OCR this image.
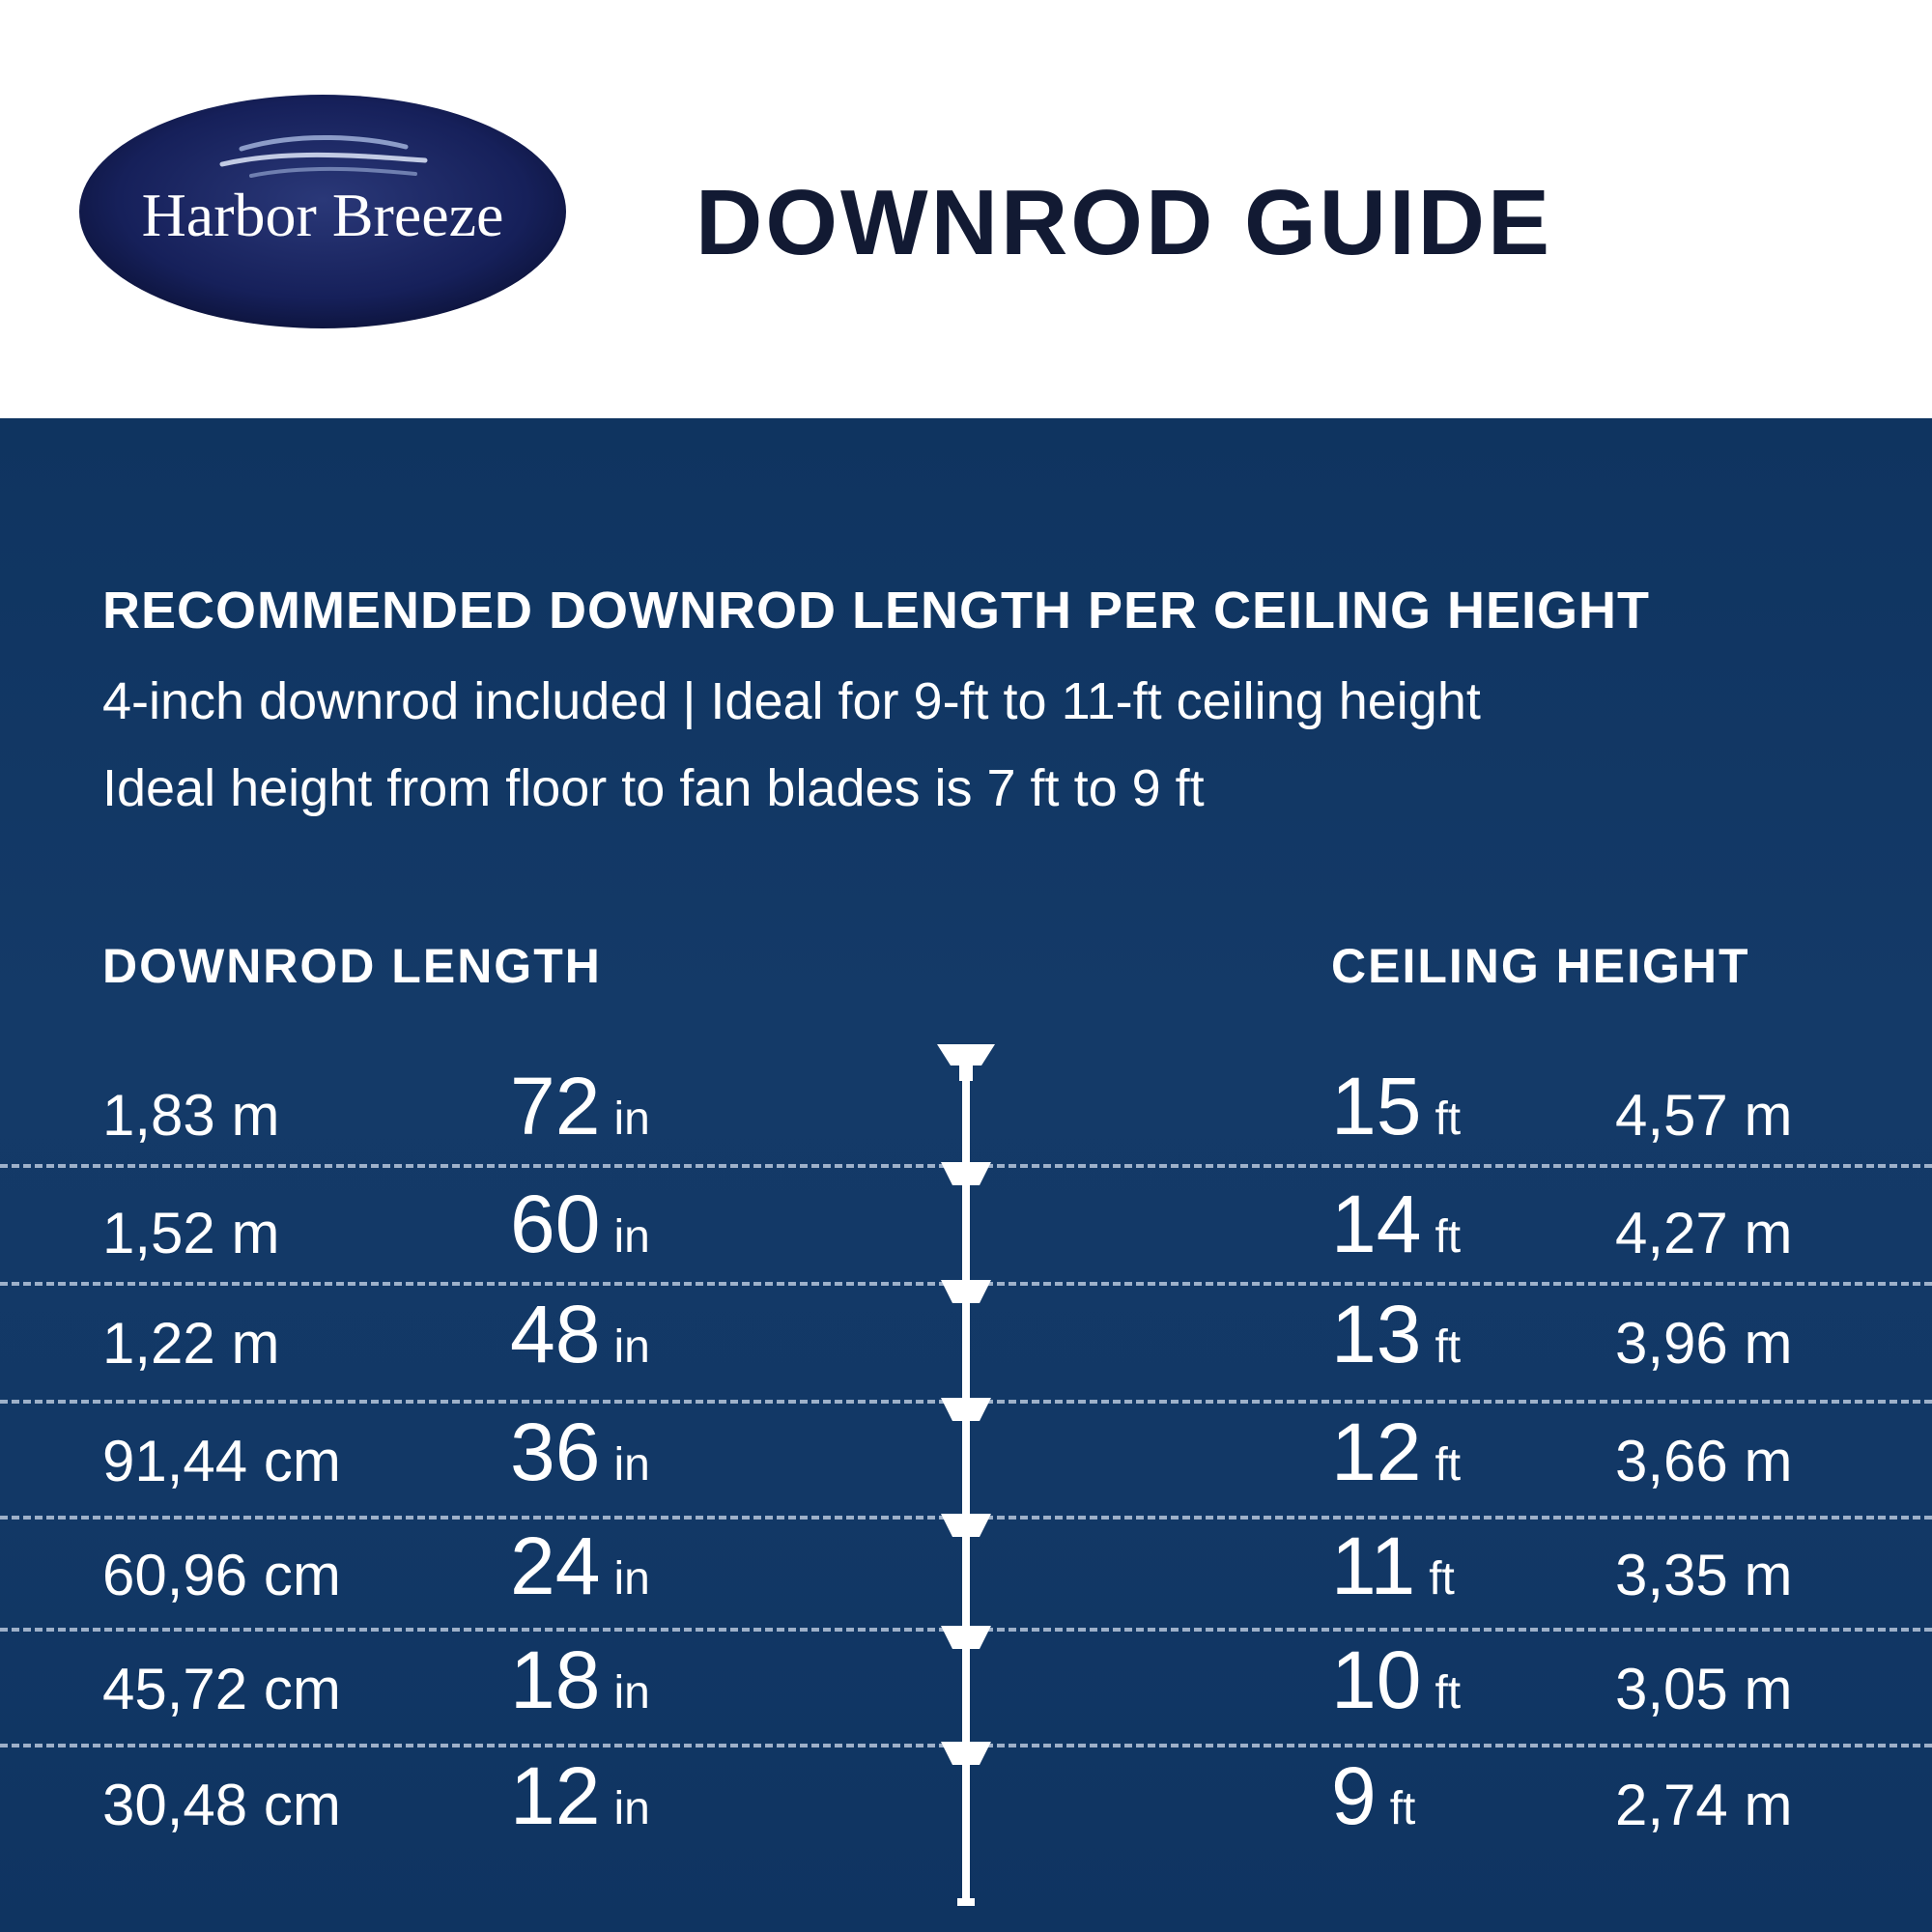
Harbor Breeze DOWNROD GUIDE
RECOMMENDED DOWNROD LENGTH PER CEILING HEIGHT

4-inch downrod included | Ideal for 9-ft to 11-ft ceiling height

Ideal height from floor to fan blades is 7 ft to 9 ft

DOWNROD LENGTH	CEILING HEIGHT
1,83 m	72 in	15 ft	4,57 m
1,52 m	60 in	14 ft	4,27 m
1,22 m	48 in	13 ft	3,96 m
91,44 cm 36 in	12 ft	3,66 m
60,96 cm 24 in	11 ft	3,35 m
45,72 cm 18 in	10 ft	3,05 m
30,48 cm 12 in	9 ft	2,74 m
